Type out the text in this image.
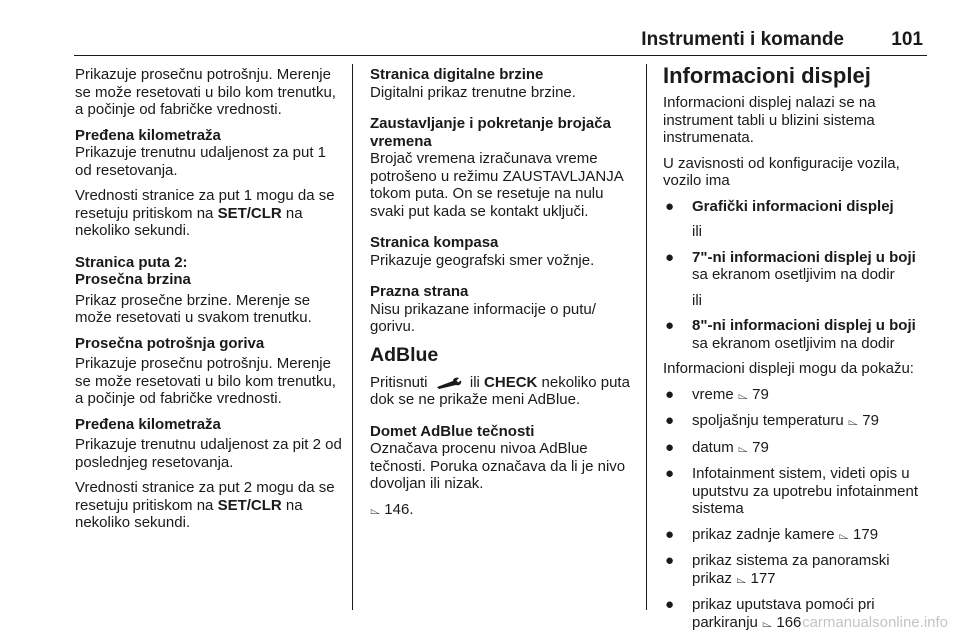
Instrumenti i komande 101

Prikazuje prosečnu potrošnju. Merenje se može resetovati u bilo kom trenutku, a počinje od fabričke vrednosti.

Pređena kilometraža

Prikazuje trenutnu udaljenost za put 1 od resetovanja.

Vrednosti stranice za put 1 mogu da se resetuju pritiskom na SET/CLR na nekoliko sekundi.

Stranica puta 2:

Prosečna brzina

Prikaz prosečne brzine. Merenje se može resetovati u svakom trenutku.

Prosečna potrošnja goriva

Prikazuje prosečnu potrošnju. Merenje se može resetovati u bilo kom trenutku, a počinje od fabričke vrednosti.

Pređena kilometraža

Prikazuje trenutnu udaljenost za pit 2 od poslednjeg resetovanja.

Vrednosti stranice za put 2 mogu da se resetuju pritiskom na SET/CLR na nekoliko sekundi.

Stranica digitalne brzine

Digitalni prikaz trenutne brzine.

Zaustavljanje i pokretanje brojača vremena

Brojač vremena izračunava vreme potrošeno u režimu ZAUSTAVLJANJA tokom puta. On se resetuje na nulu svaki put kada se kontakt uključi.

Stranica kompasa

Prikazuje geografski smer vožnje.

Prazna strana

Nisu prikazane informacije o putu/ gorivu.

AdBlue

Pritisnuti  ili CHECK nekoliko puta dok se ne prikaže meni AdBlue.

Domet AdBlue tečnosti

Označava procenu nivoa AdBlue tečnosti. Poruka označava da li je nivo dovoljan ili nizak.

⌳ 146.

Informacioni displej

Informacioni displej nalazi se na instrument tabli u blizini sistema instrumenata.

U zavisnosti od konfiguracije vozila, vozilo ima

●	Grafički informacioni displej

ili

●	7"-ni informacioni displej u boji sa ekranom osetljivim na dodir

ili

●	8"-ni informacioni displej u boji sa ekranom osetljivim na dodir

Informacioni displeji mogu da pokažu:

●	vreme ⌳ 79
●	spoljašnju temperaturu ⌳ 79
●	datum ⌳ 79
●	Infotainment sistem, videti opis u uputstvu za upotrebu infotainment sistema
●	prikaz zadnje kamere ⌳ 179
●	prikaz sistema za panoramski prikaz ⌳ 177
●	prikaz uputstava pomoći pri parkiranju ⌳ 166 carmanualsonline.info
